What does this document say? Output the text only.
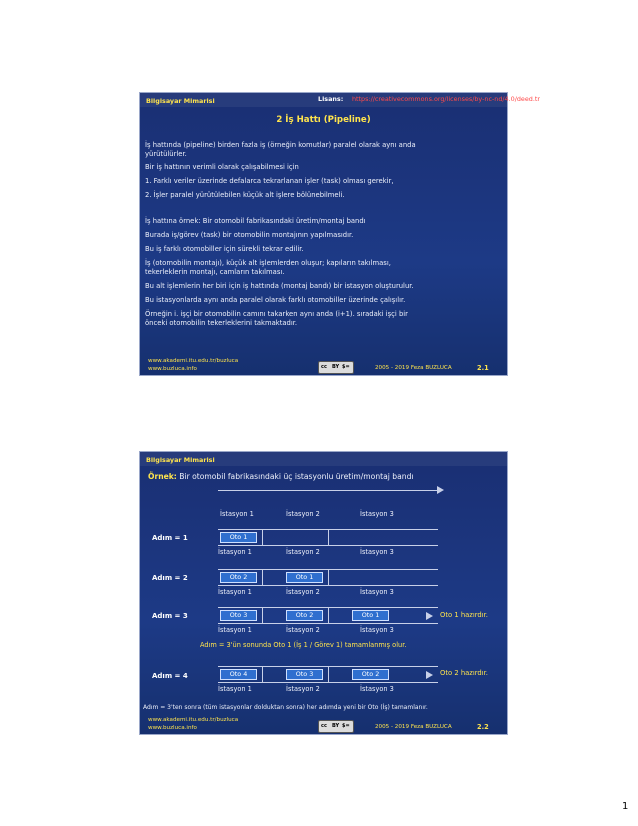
Bilgisayar Mimarisi	Lisans: https://creativecommons.org/licenses/by-nc-nd/4.0/deed.tr
2 İş Hattı (Pipeline)
İş hattında (pipeline) birden fazla iş (örneğin komutlar) paralel olarak aynı anda
yürütülürler.
Bir iş hattının verimli olarak çalışabilmesi için
1. Farklı veriler üzerinde defalarca tekrarlanan işler (task) olması gerekir,
2. İşler paralel yürütülebilen küçük alt işlere bölünebilmeli.
İş hattına örnek: Bir otomobil fabrikasındaki üretim/montaj bandı
Burada iş/görev (task) bir otomobilin montajının yapılmasıdır.
Bu iş farklı otomobiller için sürekli tekrar edilir.
İş (otomobilin montajı), küçük alt işlemlerden oluşur; kapıların takılması,
tekerleklerin montajı, camların takılması.
Bu alt işlemlerin her biri için iş hattında (montaj bandı) bir istasyon oluşturulur.
Bu istasyonlarda aynı anda paralel olarak farklı otomobiller üzerinde çalışılır.
Örneğin i. işçi bir otomobilin camını takarken aynı anda (i+1). sıradaki işçi bir
önceki otomobilin tekerleklerini takmaktadır.
www.akademi.itu.edu.tr/buzluca
www.buzluca.info	cc BY $=	2005 - 2019 Feza BUZLUCA	2.1
Bilgisayar Mimarisi
Örnek: Bir otomobil fabrikasındaki üç istasyonlu üretim/montaj bandı
İstasyon 1	İstasyon 2	İstasyon 3
Adım = 1	Oto 1
İstasyon 1	İstasyon 2	İstasyon 3
Adım = 2	Oto 2	Oto 1
İstasyon 1	İstasyon 2	İstasyon 3
Adım = 3	Oto 3	Oto 2	Oto 1	Oto 1 hazırdır.
İstasyon 1	İstasyon 2	İstasyon 3
Adım = 3'ün sonunda Oto 1 (İş 1 / Görev 1) tamamlanmış olur.
Adım = 4	Oto 4	Oto 3	Oto 2	Oto 2 hazırdır.
İstasyon 1	İstasyon 2	İstasyon 3
Adım = 3'ten sonra (tüm istasyonlar dolduktan sonra) her adımda yeni bir Oto (İş) tamamlanır.
www.akademi.itu.edu.tr/buzluca
www.buzluca.info	cc BY $=	2005 - 2019 Feza BUZLUCA	2.2
1
